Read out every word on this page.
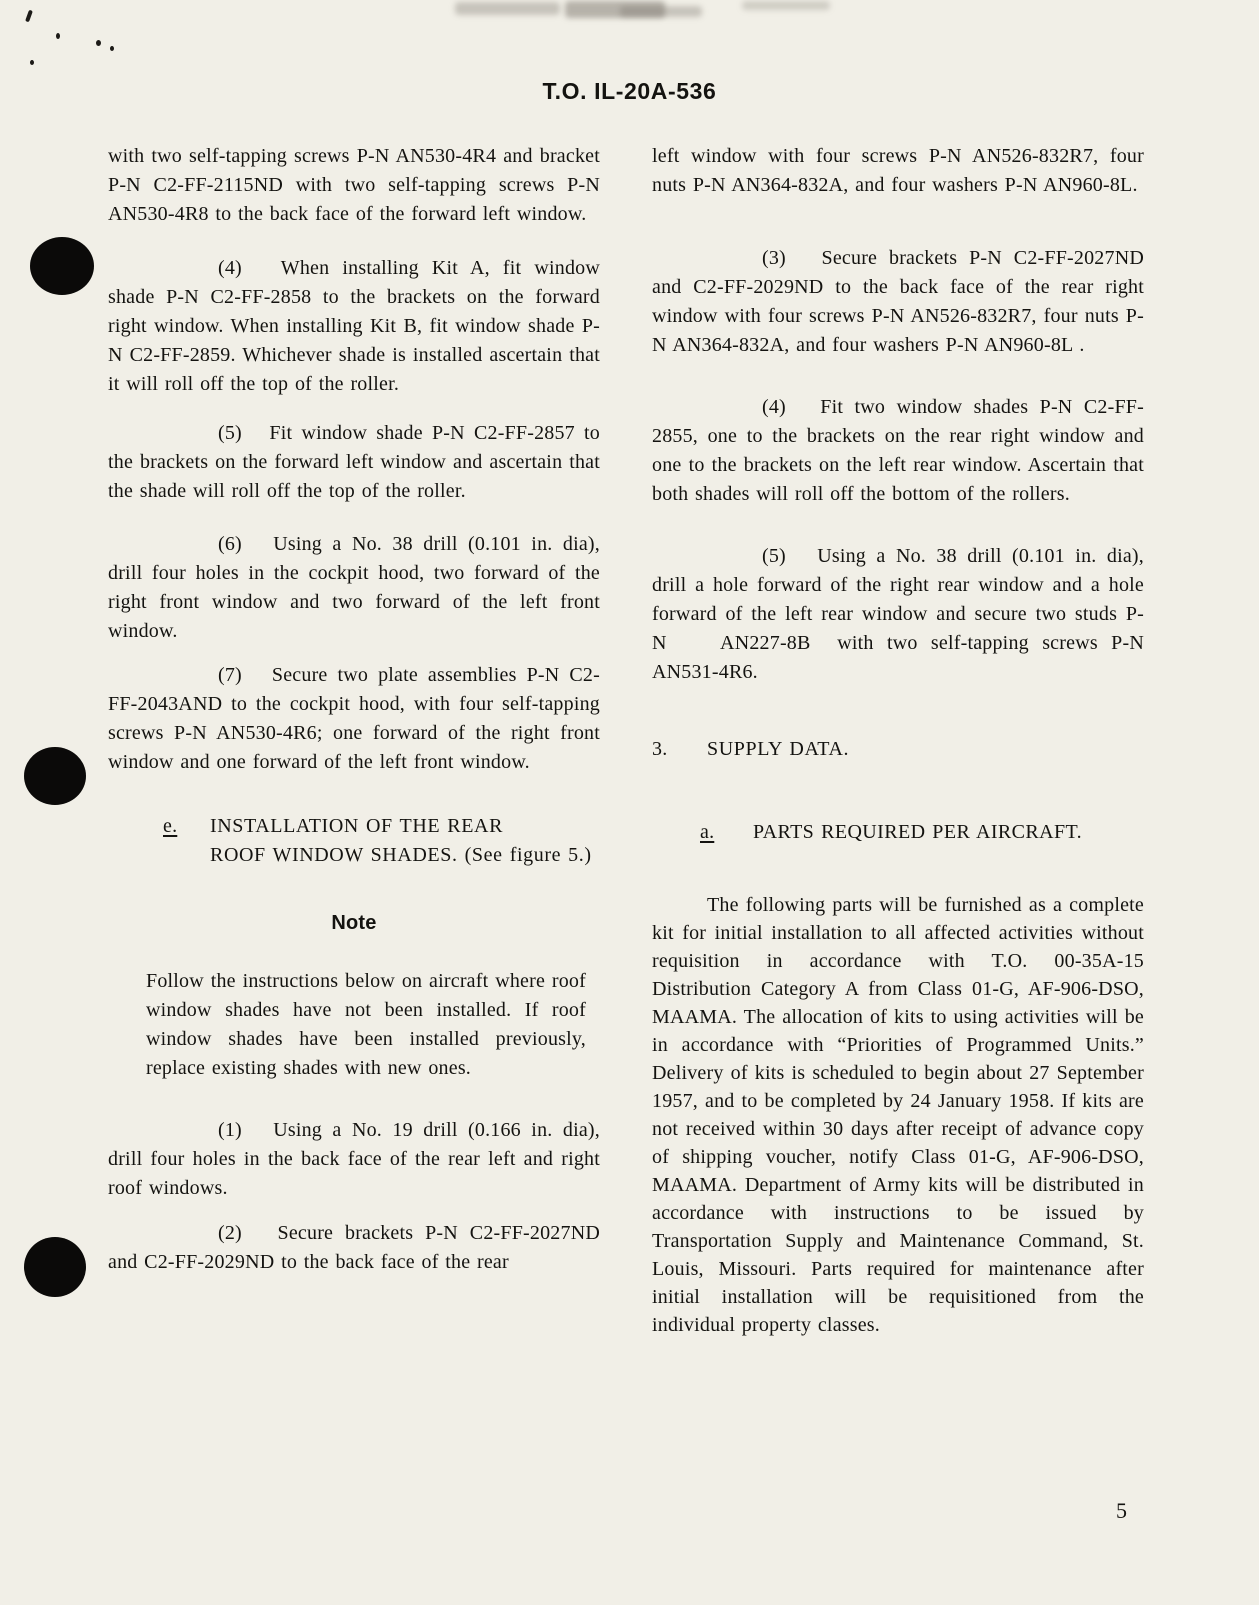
T.O. IL-20A-536

with two self-tapping screws P-N AN530-4R4 and bracket P-N C2-FF-2115ND with two self-tapping screws P-N AN530-4R8 to the back face of the forward left window.

(4)   When installing Kit A, fit window shade P-N C2-FF-2858 to the brackets on the forward right window. When installing Kit B, fit window shade P-N C2-FF-2859. Whichever shade is installed ascertain that it will roll off the top of the roller.

(5)   Fit window shade P-N C2-FF-2857 to the brackets on the forward left window and ascertain that the shade will roll off the top of the roller.

(6)   Using a No. 38 drill (0.101 in. dia), drill four holes in the cockpit hood, two forward of the right front window and two forward of the left front window.

(7)   Secure two plate assemblies P-N C2-FF-2043AND to the cockpit hood, with four self-tapping screws P-N AN530-4R6; one forward of the right front window and one forward of the left front window.

e. INSTALLATION OF THE REAR
ROOF WINDOW SHADES. (See figure 5.)
Note

Follow the instructions below on aircraft where roof window shades have not been installed. If roof window shades have been installed previously, replace existing shades with new ones.

(1)   Using a No. 19 drill (0.166 in. dia), drill four holes in the back face of the rear left and right roof windows.

(2)   Secure brackets P-N C2-FF-2027ND and C2-FF-2029ND to the back face of the rear

left window with four screws P-N AN526-832R7, four nuts P-N AN364-832A, and four washers P-N AN960-8L.

(3)   Secure brackets P-N C2-FF-2027ND and C2-FF-2029ND to the back face of the rear right window with four screws P-N AN526-832R7, four nuts P-N AN364-832A, and four washers P-N AN960-8L .

(4)   Fit two window shades P-N C2-FF-2855, one to the brackets on the rear right window and one to the brackets on the left rear window. Ascertain that both shades will roll off the bottom of the rollers.

(5)   Using a No. 38 drill (0.101 in. dia), drill a hole forward of the right rear window and a hole forward of the left rear window and secure two studs P-N    AN227-8B  with two self-tapping screws P-N AN531-4R6.

3. SUPPLY DATA.
a. PARTS REQUIRED PER AIRCRAFT.

The following parts will be furnished as a complete kit for initial installation to all affected activities without requisition in accordance with T.O. 00-35A-15 Distribution Category A from Class 01-G, AF-906-DSO, MAAMA. The allocation of kits to using activities will be in accordance with “Priorities of Programmed Units.” Delivery of kits is scheduled to begin about 27 September 1957, and to be completed by 24 January 1958. If kits are not received within 30 days after receipt of advance copy of shipping voucher, notify Class 01-G, AF-906-DSO, MAAMA. Department of Army kits will be distributed in accordance with instructions to be issued by Transportation Supply and Maintenance Command, St. Louis, Missouri. Parts required for maintenance after initial installation will be requisitioned from the individual property classes.

5
